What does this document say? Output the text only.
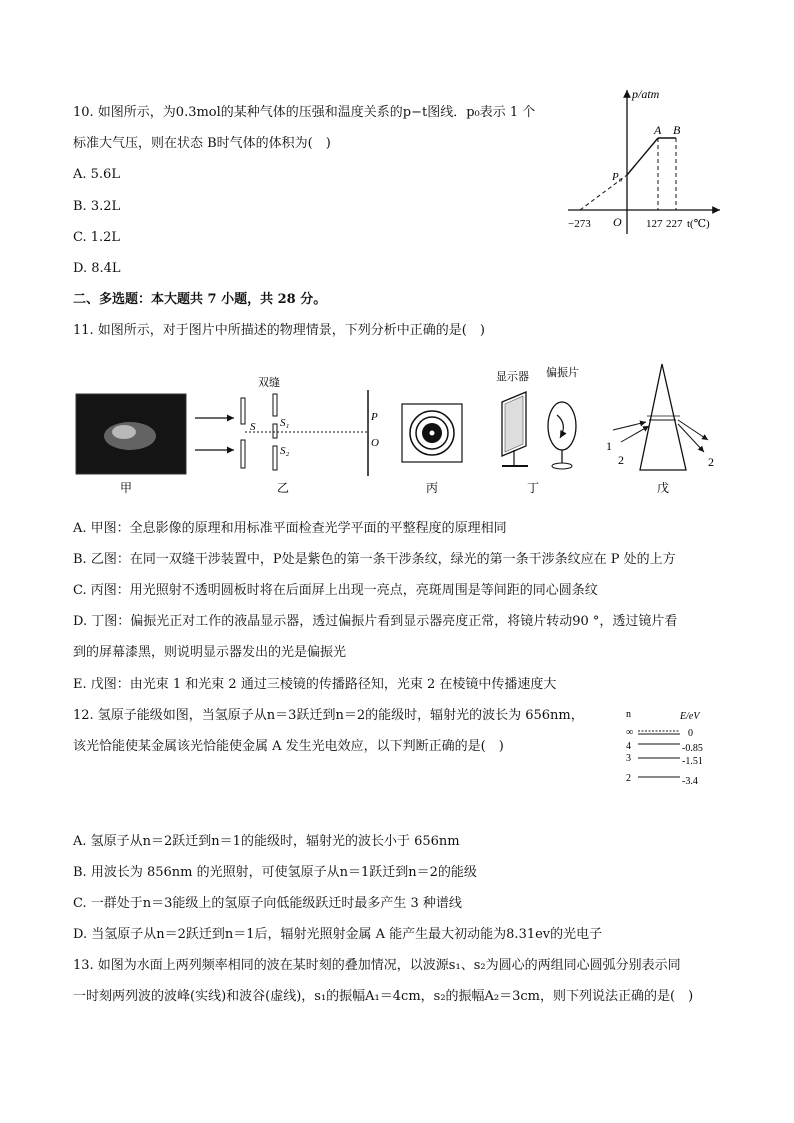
10. 如图所示，为0.3mol的某种气体的压强和温度关系的p−t图线．p₀表示 1 个
标准大气压，则在状态 B时气体的体积为(　)
A. 5.6L
B. 3.2L
C. 1.2L
D. 8.4L
p/atm
A B
P₀
O
−273	127 227 t(℃)
二、多选题：本大题共 7 小题，共 28 分。
11. 如图所示，对于图片中所描述的物理情景，下列分析中正确的是(　)
甲
双缝
S S₁
S₂
P
O
乙	丙
显示器 偏振片
丁
1
2	2
戊
A. 甲图：全息影像的原理和用标准平面检查光学平面的平整程度的原理相同
B. 乙图：在同一双缝干涉装置中，P处是紫色的第一条干涉条纹，绿光的第一条干涉条纹应在 P 处的上方
C. 丙图：用光照射不透明圆板时将在后面屏上出现一亮点，亮斑周围是等间距的同心圆条纹
D. 丁图：偏振光正对工作的液晶显示器，透过偏振片看到显示器亮度正常，将镜片转动90 °，透过镜片看
到的屏幕漆黑，则说明显示器发出的光是偏振光
E. 戊图：由光束 1 和光束 2 通过三棱镜的传播路径知，光束 2 在棱镜中传播速度大
12. 氢原子能级如图，当氢原子从n＝3跃迁到n＝2的能级时，辐射光的波长为 656nm，
该光恰能使某金属该光恰能使金属 A 发生光电效应，以下判断正确的是(　)
n	E/eV
∞	0
4	-0.85
3	-1.51
2	-3.4
A. 氢原子从n＝2跃迁到n＝1的能级时，辐射光的波长小于 656nm
B. 用波长为 856nm 的光照射，可使氢原子从n＝1跃迁到n＝2的能级
C. 一群处于n＝3能级上的氢原子向低能级跃迁时最多产生 3 种谱线
D. 当氢原子从n＝2跃迁到n＝1后，辐射光照射金属 A 能产生最大初动能为8.31ev的光电子
13. 如图为水面上两列频率相同的波在某时刻的叠加情况，以波源s₁、s₂为圆心的两组同心圆弧分别表示同
一时刻两列波的波峰(实线)和波谷(虚线)，s₁的振幅A₁＝4cm，s₂的振幅A₂＝3cm，则下列说法正确的是(　)
